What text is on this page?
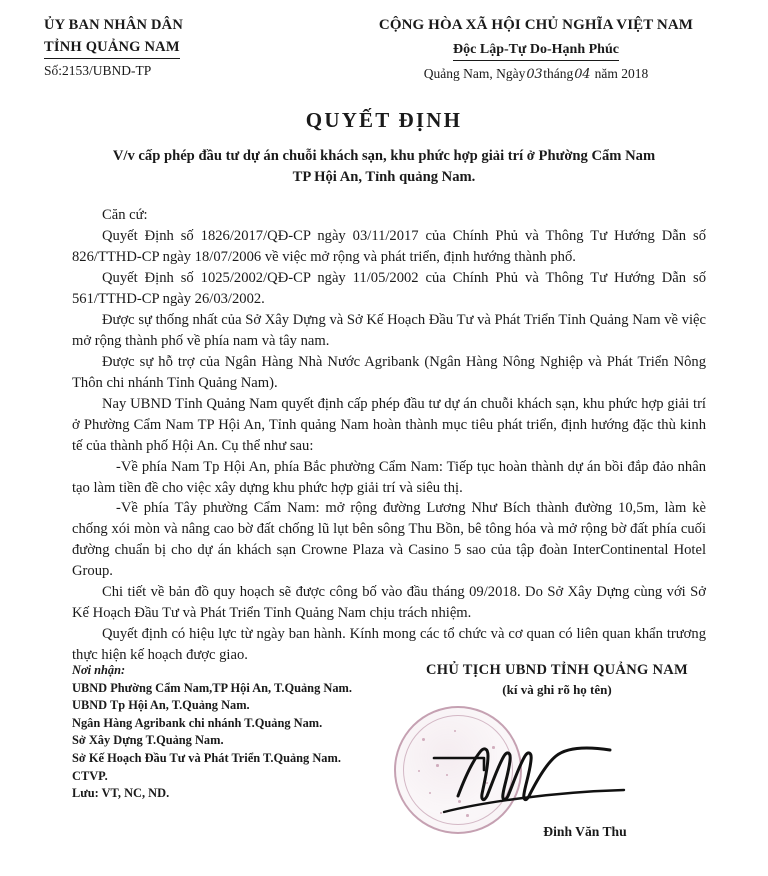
ỦY BAN NHÂN DÂN
TỈNH QUẢNG NAM
Số:2153/UBND-TP
CỘNG HÒA XÃ HỘI CHỦ NGHĨA VIỆT NAM
Độc Lập-Tự Do-Hạnh Phúc
Quảng Nam, Ngày03tháng04 năm 2018
QUYẾT ĐỊNH
V/v cấp phép đầu tư dự án chuỗi khách sạn, khu phức hợp giải trí ở Phường Cẩm Nam
TP Hội An, Tỉnh quảng Nam.

Căn cứ:

Quyết Định số 1826/2017/QĐ-CP ngày 03/11/2017 của Chính Phủ và Thông Tư Hướng Dẫn số 826/TTHD-CP ngày 18/07/2006 về việc mở rộng và phát triển, định hướng thành phố.

Quyết Định số 1025/2002/QĐ-CP ngày 11/05/2002 của Chính Phủ và Thông Tư Hướng Dẫn số 561/TTHD-CP ngày 26/03/2002.

Được sự thống nhất của Sở Xây Dựng và Sở Kế Hoạch Đầu Tư và Phát Triển Tỉnh Quảng Nam về việc mở rộng thành phố về phía nam và tây nam.

Được sự hỗ trợ của Ngân Hàng Nhà Nước Agribank (Ngân Hàng Nông Nghiệp và Phát Triển Nông Thôn chi nhánh Tỉnh Quảng Nam).

Nay UBND Tỉnh Quảng Nam quyết định cấp phép đầu tư dự án chuỗi khách sạn, khu phức hợp giải trí ở Phường Cẩm Nam TP Hội An, Tỉnh quảng Nam hoàn thành mục tiêu phát triển, định hướng đặc thù kinh tế của thành phố Hội An. Cụ thể như sau:

-Về phía Nam Tp Hội An, phía Bắc phường Cẩm Nam: Tiếp tục hoàn thành dự án bồi đắp đảo nhân tạo làm tiền đề cho việc xây dựng khu phức hợp giải trí và siêu thị.

-Về phía Tây phường Cẩm Nam: mở rộng đường Lương Như Bích thành đường 10,5m, làm kè chống xói mòn và nâng cao bờ đất chống lũ lụt bên sông Thu Bồn, bê tông hóa và mở rộng bờ đất phía cuối đường chuẩn bị cho dự án khách sạn Crowne Plaza và Casino 5 sao của tập đoàn InterContinental Hotel Group.

Chi tiết về bản đồ quy hoạch sẽ được công bố vào đầu tháng 09/2018. Do Sở Xây Dựng cùng với Sở Kế Hoạch Đầu Tư và Phát Triển Tỉnh Quảng Nam chịu trách nhiệm.

Quyết định có hiệu lực từ ngày ban hành. Kính mong các tổ chức và cơ quan có liên quan khẩn trương thực hiện kế hoạch được giao.

Nơi nhận:
UBND Phường Cẩm Nam,TP Hội An, T.Quảng Nam.
UBND Tp Hội An, T.Quảng Nam.
Ngân Hàng Agribank chi nhánh T.Quảng Nam.
Sở Xây Dựng T.Quảng Nam.
Sở Kế Hoạch Đầu Tư và Phát Triển T.Quảng Nam.
CTVP.
Lưu: VT, NC, ND.
CHỦ TỊCH UBND TỈNH QUẢNG NAM
(kí và ghi rõ họ tên)
Đinh Văn Thu
